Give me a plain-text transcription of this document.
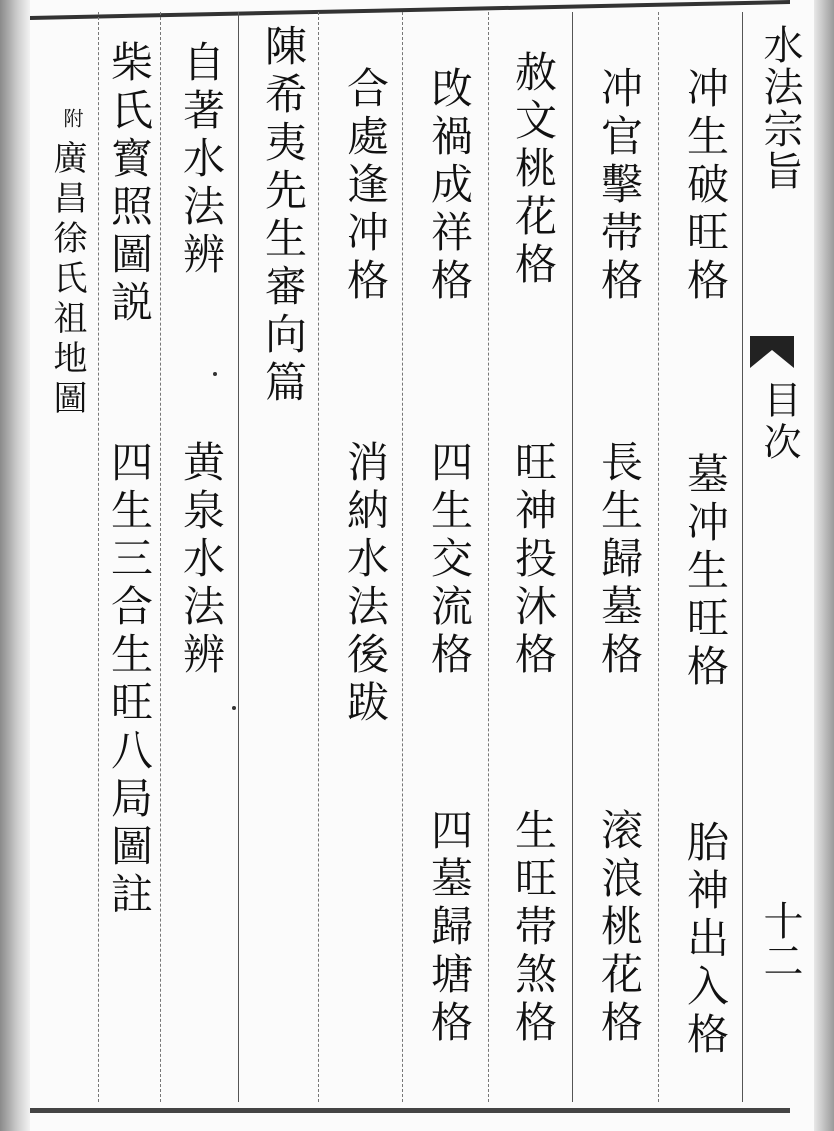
水法宗旨
目次
十二
冲生破旺格
墓冲生旺格
胎神出入格
冲官擊帯格
長生歸墓格
滚浪桃花格
赦文桃花格
旺神投沐格
生旺帯煞格
攺禍成祥格
四生交流格
四墓歸塘格
合處逢冲格
消納水法後跋
陳希夷先生審向篇
自著水法辨
黄泉水法辨
柴氏寳照圖説
四生三合生旺八局圖註
附
廣昌徐氏祖地圖
